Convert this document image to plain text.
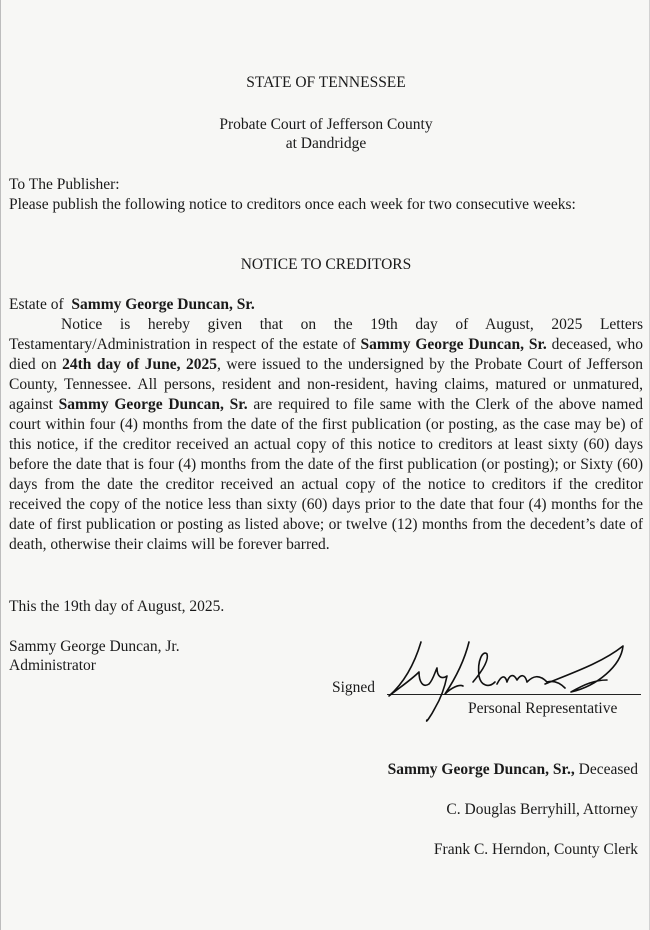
STATE OF TENNESSEE
Probate Court of Jefferson County
at Dandridge
To The Publisher:
Please publish the following notice to creditors once each week for two consecutive weeks:
NOTICE TO CREDITORS
Estate of Sammy George Duncan, Sr.
Notice is hereby given that on the 19th day of August, 2025 Letters Testamentary/Administration in respect of the estate of Sammy George Duncan, Sr. deceased, who died on 24th day of June, 2025, were issued to the undersigned by the Probate Court of Jefferson County, Tennessee. All persons, resident and non-resident, having claims, matured or unmatured, against Sammy George Duncan, Sr. are required to file same with the Clerk of the above named court within four (4) months from the date of the first publication (or posting, as the case may be) of this notice, if the creditor received an actual copy of this notice to creditors at least sixty (60) days before the date that is four (4) months from the date of the first publication (or posting); or Sixty (60) days from the date the creditor received an actual copy of the notice to creditors if the creditor received the copy of the notice less than sixty (60) days prior to the date that four (4) months for the date of first publication or posting as listed above; or twelve (12) months from the decedent’s date of death, otherwise their claims will be forever barred.
This the 19th day of August, 2025.
Sammy George Duncan, Jr.
Administrator
Signed
Personal Representative
Sammy George Duncan, Sr., Deceased
C. Douglas Berryhill, Attorney
Frank C. Herndon, County Clerk
